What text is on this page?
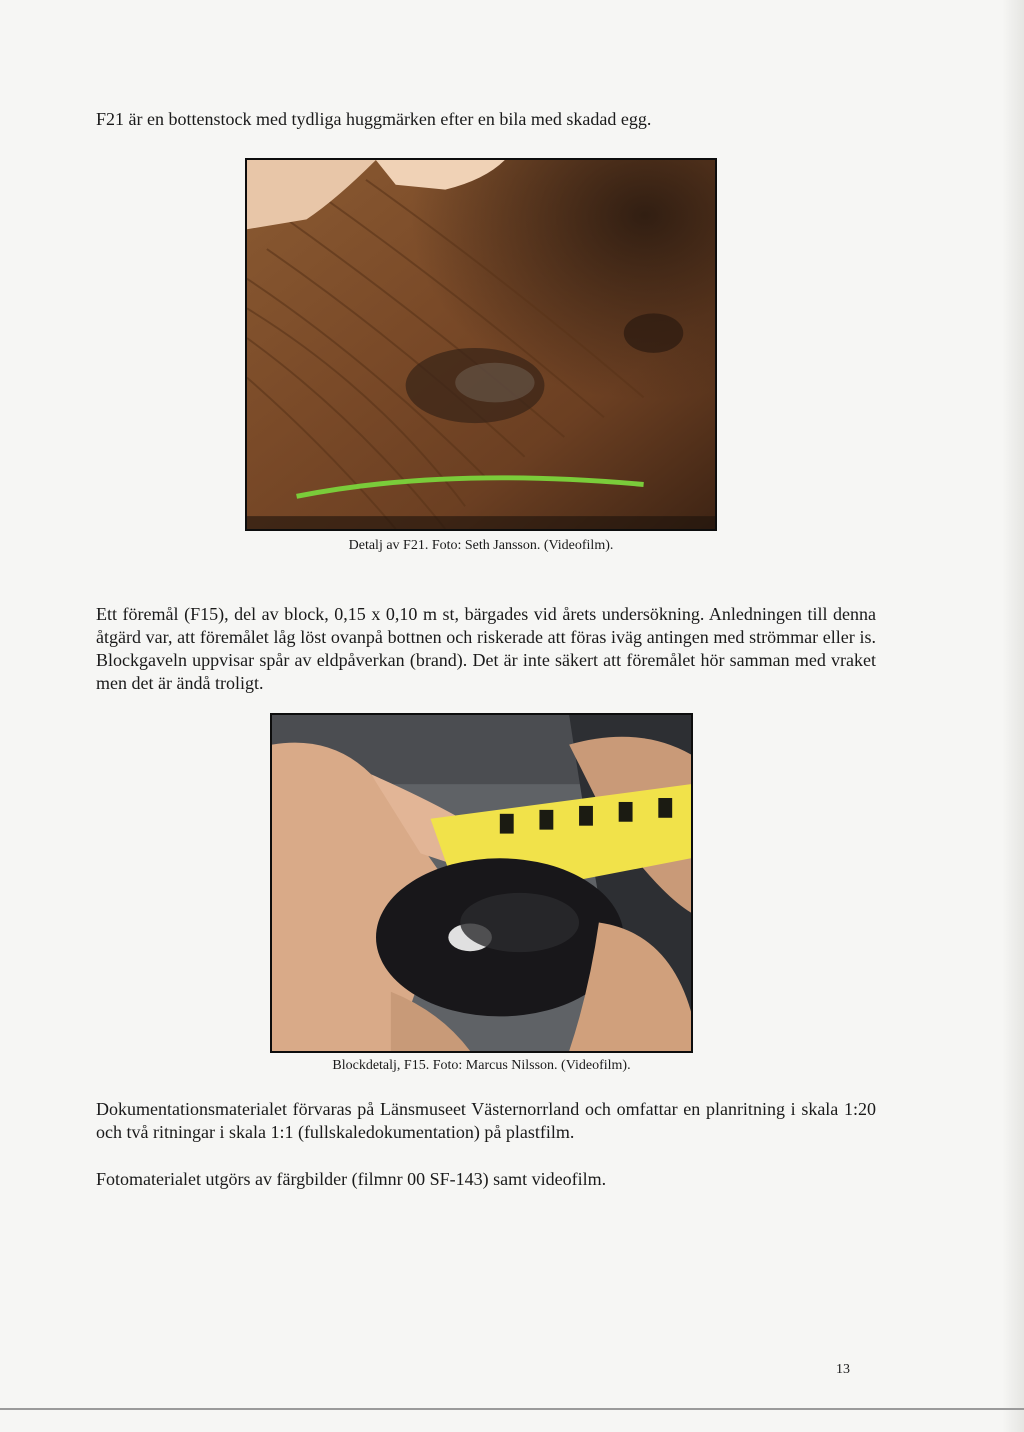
F21 är en bottenstock med tydliga huggmärken efter en bila med skadad egg.

Detalj av F21. Foto: Seth Jansson. (Videofilm).

Ett föremål (F15), del av block, 0,15 x 0,10 m st, bärgades vid årets undersökning. Anledningen till denna åtgärd var, att föremålet låg löst ovanpå bottnen och riskerade att föras iväg antingen med strömmar eller is. Blockgaveln uppvisar spår av eldpåverkan (brand). Det är inte säkert att föremålet hör samman med vraket men det är ändå troligt.

Blockdetalj, F15. Foto: Marcus Nilsson. (Videofilm).

Dokumentationsmaterialet förvaras på Länsmuseet Västernorrland och omfattar en planritning i skala 1:20 och två ritningar i skala 1:1 (fullskaledokumentation) på plastfilm.

Fotomaterialet utgörs av färgbilder (filmnr 00 SF-143) samt videofilm.

13
